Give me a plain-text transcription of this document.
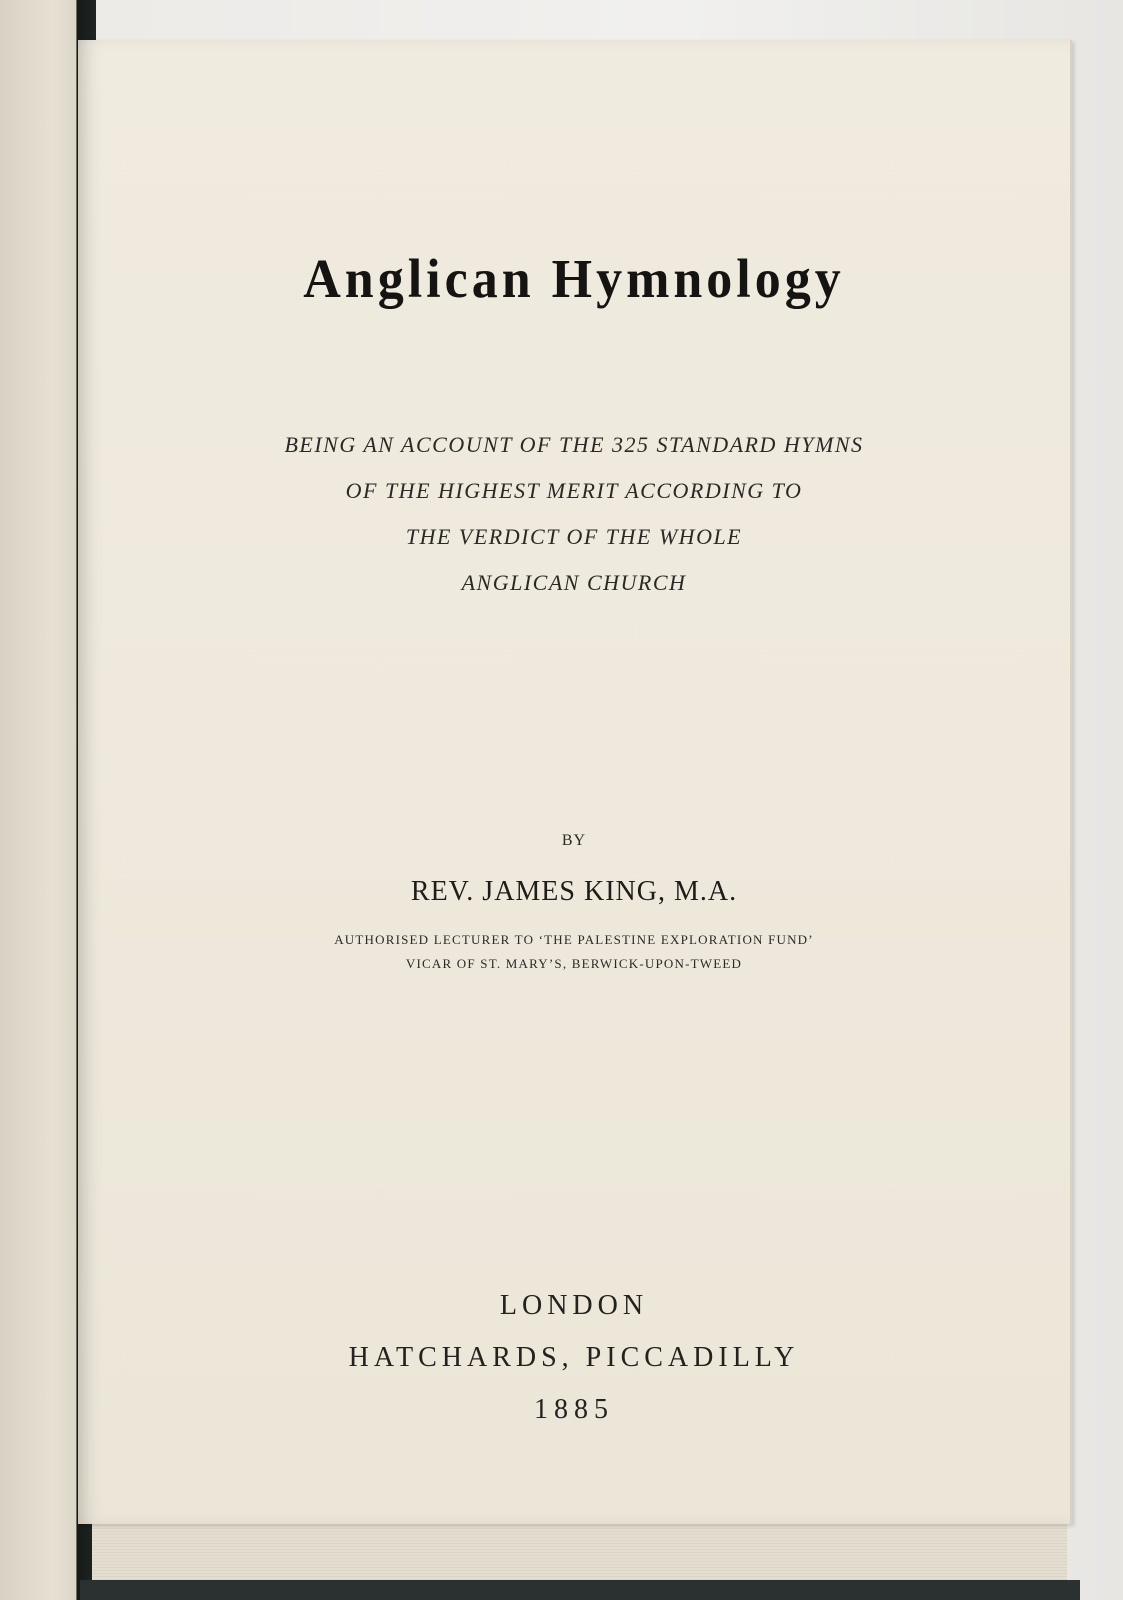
Anglican Hymnology
BEING AN ACCOUNT OF THE 325 STANDARD HYMNS
OF THE HIGHEST MERIT ACCORDING TO
THE VERDICT OF THE WHOLE
ANGLICAN CHURCH
BY
REV. JAMES KING, M.A.
AUTHORISED LECTURER TO ‘THE PALESTINE EXPLORATION FUND’
VICAR OF ST. MARY’S, BERWICK-UPON-TWEED
LONDON
HATCHARDS, PICCADILLY
1885
